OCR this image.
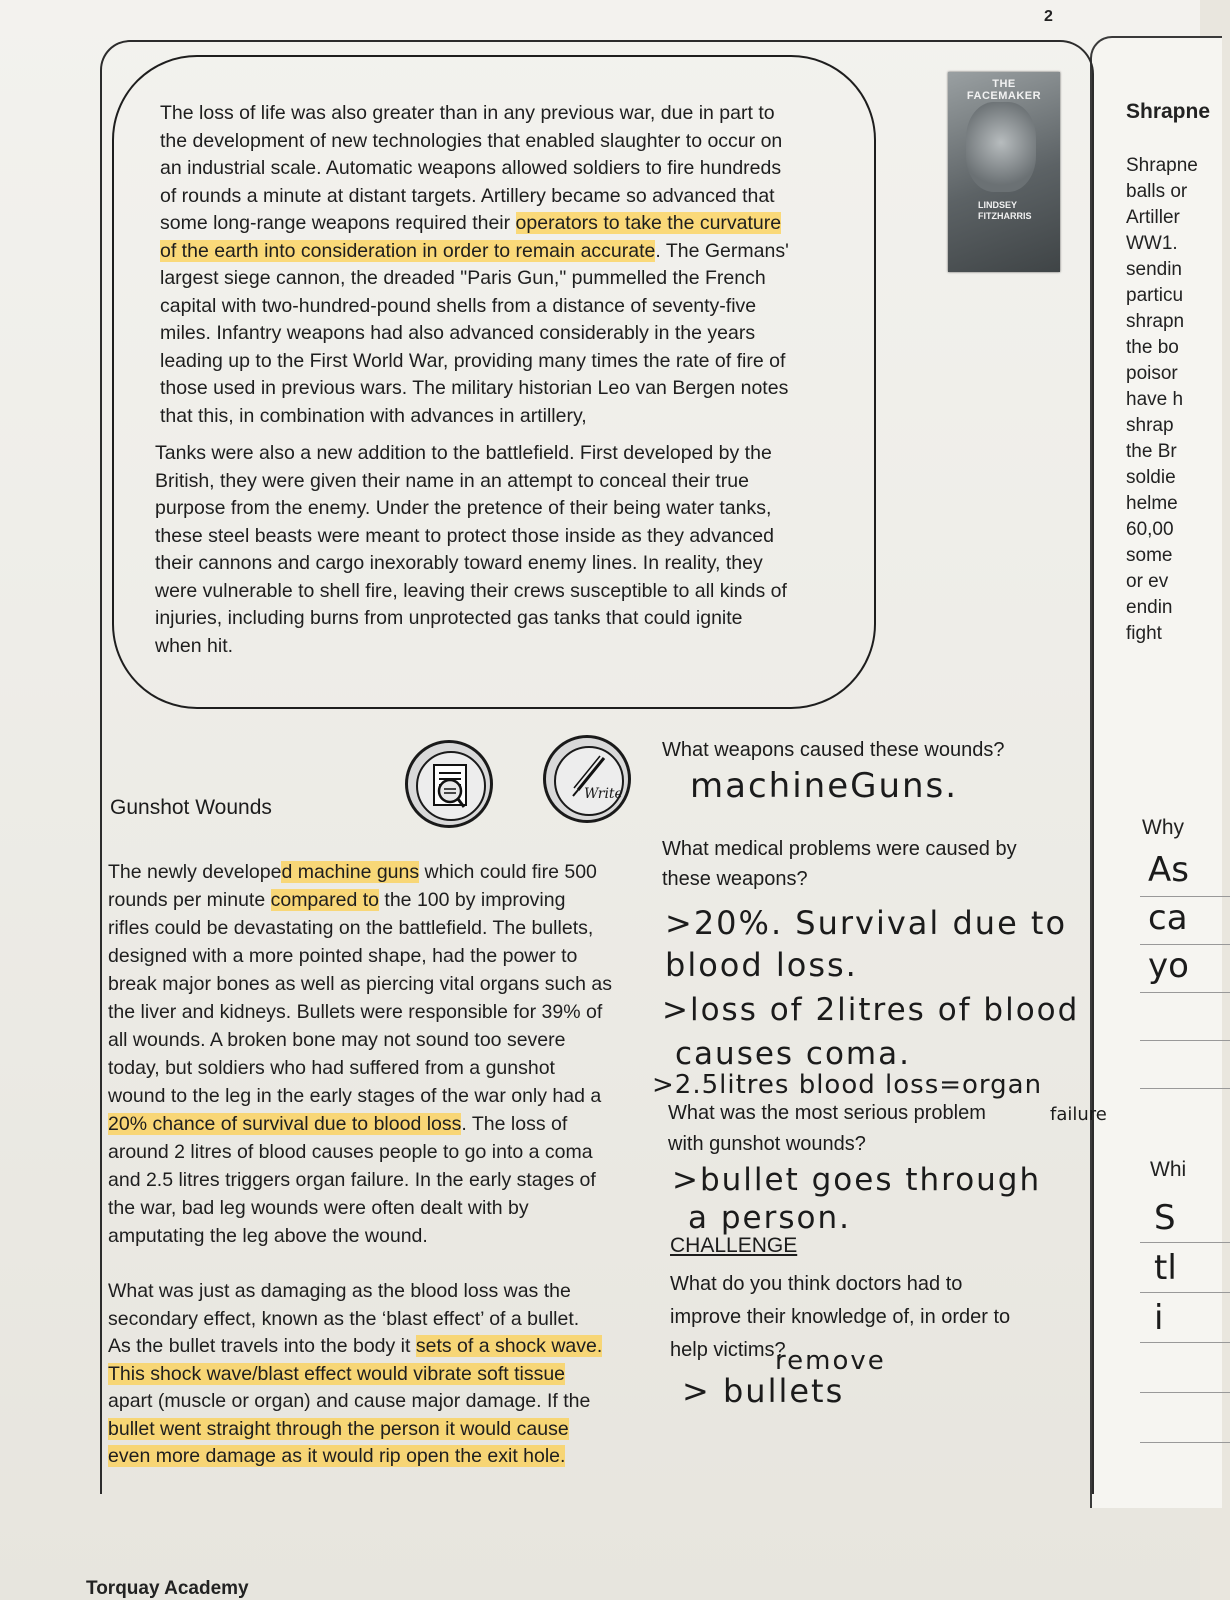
2
Shrapne
Shrapne
balls or
Artiller
WW1.
sendin
particu
shrapn
the bo
poisor
have h
shrap
the Br
soldie
helme
60,00
some
or ev
endin
fight
Why
As
ca
yo
Whi
S
tl
i
The loss of life was also greater than in any previous war, due in part to
the development of new technologies that enabled slaughter to occur on
an industrial scale. Automatic weapons allowed soldiers to fire hundreds
of rounds a minute at distant targets. Artillery became so advanced that
some long-range weapons required their operators to take the curvature
of the earth into consideration in order to remain accurate. The Germans'
largest siege cannon, the dreaded "Paris Gun," pummelled the French
capital with two-hundred-pound shells from a distance of seventy-five
miles. Infantry weapons had also advanced considerably in the years
leading up to the First World War, providing many times the rate of fire of
those used in previous wars. The military historian Leo van Bergen notes
that this, in combination with advances in artillery,
Tanks were also a new addition to the battlefield. First developed by the
British, they were given their name in an attempt to conceal their true
purpose from the enemy. Under the pretence of their being water tanks,
these steel beasts were meant to protect those inside as they advanced
their cannons and cargo inexorably toward enemy lines. In reality, they
were vulnerable to shell fire, leaving their crews susceptible to all kinds of
injuries, including burns from unprotected gas tanks that could ignite
when hit.
THE FACEMAKER
LINDSEY FITZHARRIS
Write
Gunshot Wounds
The newly developed machine guns which could fire 500
rounds per minute compared to the 100 by improving
rifles could be devastating on the battlefield. The bullets,
designed with a more pointed shape, had the power to
break major bones as well as piercing vital organs such as
the liver and kidneys. Bullets were responsible for 39% of
all wounds. A broken bone may not sound too severe
today, but soldiers who had suffered from a gunshot
wound to the leg in the early stages of the war only had a
20% chance of survival due to blood loss. The loss of
around 2 litres of blood causes people to go into a coma
and 2.5 litres triggers organ failure. In the early stages of
the war, bad leg wounds were often dealt with by
amputating the leg above the wound.
What was just as damaging as the blood loss was the
secondary effect, known as the ‘blast effect’ of a bullet.
As the bullet travels into the body it sets of a shock wave.
This shock wave/blast effect would vibrate soft tissue
apart (muscle or organ) and cause major damage. If the
bullet went straight through the person it would cause
even more damage as it would rip open the exit hole.
What weapons caused these wounds?
machineGuns.
What medical problems were caused by
these weapons?
>20%. Survival due to
blood loss.
>loss of 2litres of blood
causes coma.
>2.5litres blood loss=organ
failure
What was the most serious problem
with gunshot wounds?
>bullet goes through
a person.
CHALLENGE
What do you think doctors had to
improve their knowledge of, in order to
help victims?
remove
> bullets
Torquay Academy
